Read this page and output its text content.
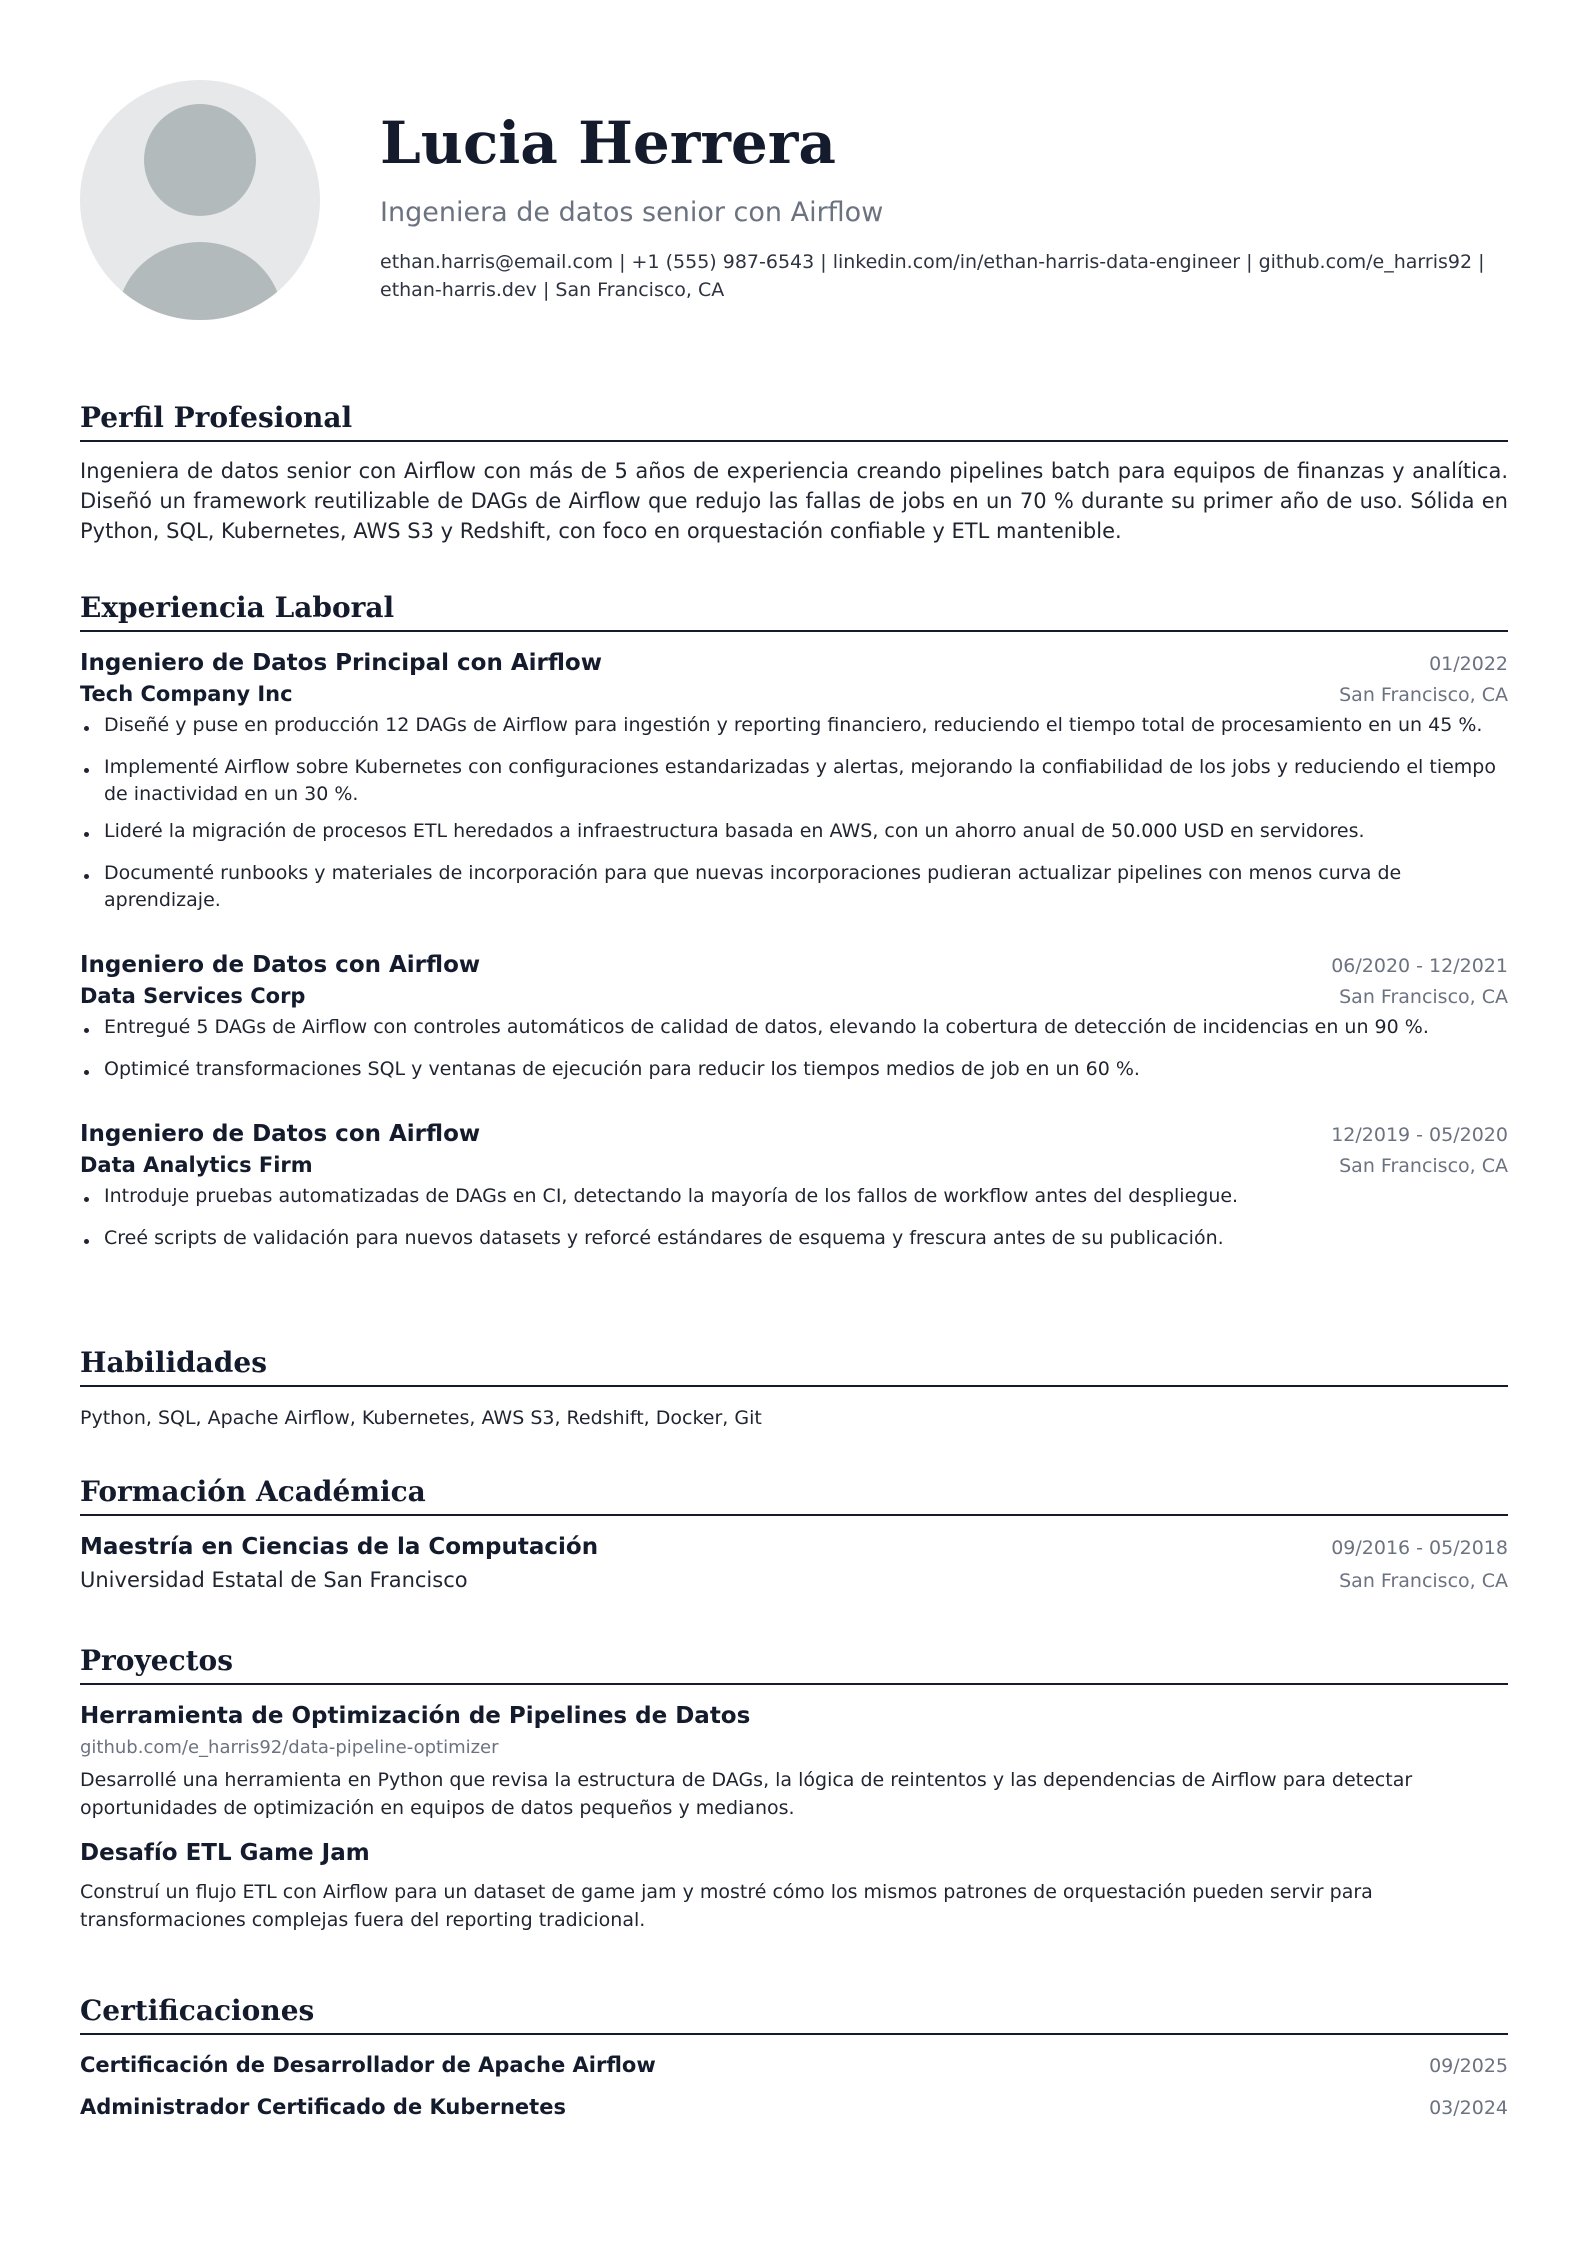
Lucia Herrera
Ingeniera de datos senior con Airflow
ethan.harris@email.com | +1 (555) 987-6543 | linkedin.com/in/ethan-harris-data-engineer | github.com/e_harris92 | ethan-harris.dev | San Francisco, CA
Perfil Profesional
Ingeniera de datos senior con Airflow con más de 5 años de experiencia creando pipelines batch para equipos de finanzas y analítica. Diseñó un framework reutilizable de DAGs de Airflow que redujo las fallas de jobs en un 70 % durante su primer año de uso. Sólida en Python, SQL, Kubernetes, AWS S3 y Redshift, con foco en orquestación confiable y ETL mantenible.
Experiencia Laboral
Ingeniero de Datos Principal con Airflow	01/2022
Tech Company Inc	San Francisco, CA
Diseñé y puse en producción 12 DAGs de Airflow para ingestión y reporting financiero, reduciendo el tiempo total de procesamiento en un 45 %.
Implementé Airflow sobre Kubernetes con configuraciones estandarizadas y alertas, mejorando la confiabilidad de los jobs y reduciendo el tiempo de inactividad en un 30 %.
Lideré la migración de procesos ETL heredados a infraestructura basada en AWS, con un ahorro anual de 50.000 USD en servidores.
Documenté runbooks y materiales de incorporación para que nuevas incorporaciones pudieran actualizar pipelines con menos curva de aprendizaje.
Ingeniero de Datos con Airflow	06/2020 - 12/2021
Data Services Corp	San Francisco, CA
Entregué 5 DAGs de Airflow con controles automáticos de calidad de datos, elevando la cobertura de detección de incidencias en un 90 %.
Optimicé transformaciones SQL y ventanas de ejecución para reducir los tiempos medios de job en un 60 %.
Ingeniero de Datos con Airflow	12/2019 - 05/2020
Data Analytics Firm	San Francisco, CA
Introduje pruebas automatizadas de DAGs en CI, detectando la mayoría de los fallos de workflow antes del despliegue.
Creé scripts de validación para nuevos datasets y reforcé estándares de esquema y frescura antes de su publicación.
Habilidades
Python, SQL, Apache Airflow, Kubernetes, AWS S3, Redshift, Docker, Git
Formación Académica
Maestría en Ciencias de la Computación	09/2016 - 05/2018
Universidad Estatal de San Francisco	San Francisco, CA
Proyectos
Herramienta de Optimización de Pipelines de Datos
github.com/e_harris92/data-pipeline-optimizer
Desarrollé una herramienta en Python que revisa la estructura de DAGs, la lógica de reintentos y las dependencias de Airflow para detectar oportunidades de optimización en equipos de datos pequeños y medianos.
Desafío ETL Game Jam
Construí un flujo ETL con Airflow para un dataset de game jam y mostré cómo los mismos patrones de orquestación pueden servir para transformaciones complejas fuera del reporting tradicional.
Certificaciones
Certificación de Desarrollador de Apache Airflow	09/2025
Administrador Certificado de Kubernetes	03/2024
